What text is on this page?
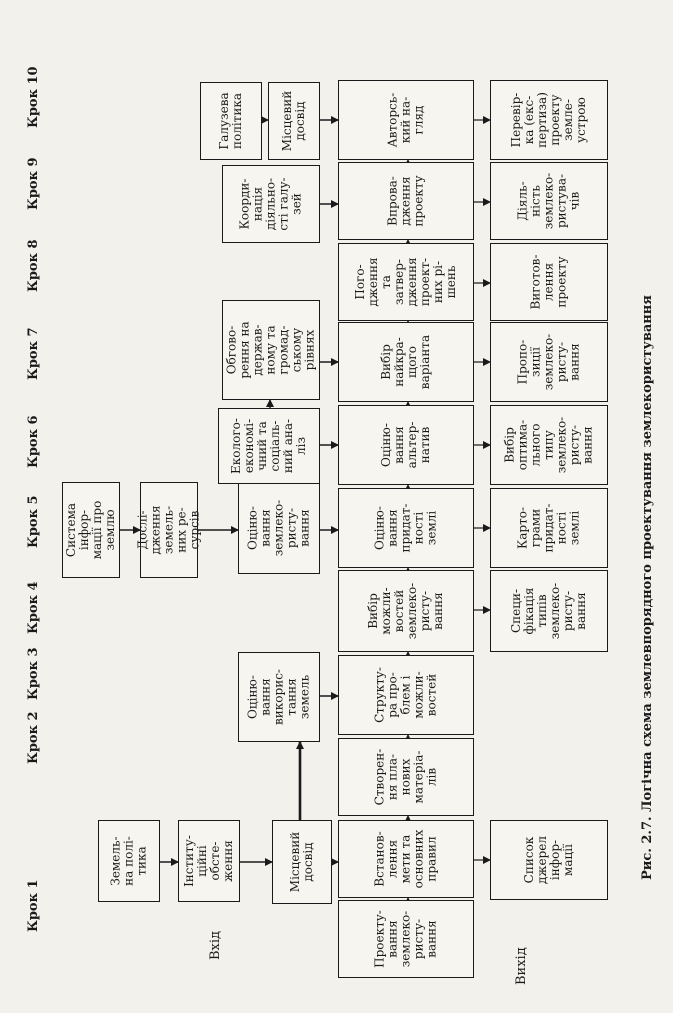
Земель-
на полі-
тика	Інститу-
ційні
обсте-
ження	Місцевий
досвід
Оціню-
вання
викорис-
тання
земель
Система
інфор-
мації про
землю Дослі-
дження
земель-
них ре-
сурсів	Оціню-
вання
землеко-
ристу-
вання
Еколого-
економі-
чний та
соціаль-
ний ана-
ліз
Обгово-
рення на
держав-
ному та
громад-
ському
рівнях
Коорди-
нація
діяльно-
сті галу-
зей
Галузева
політика	Місцевий
досвід
Проекту-
вання
землеко-
ристу-
вання
Встанов-
лення
мети та
основних
правил
Створен-
ня пла-
нових
матеріа-
лів
Структу-
ра про-
блем і
можли-
востей
Вибір
можли-
востей
землеко-
ристу-
вання
Оціню-
вання
придат-
ності
землі
Оціню-
вання
альтер-
натив
Вибір
найкра-
щого
варіанта
Пого-
дження
та
затвер-
дження
проект-
них рі-
шень
Впрова-
дження
проекту
Авторсь-
кий на-
гляд
Список
джерел
інфор-
мації
Специ-
фікація
типів
землеко-
ристу-
вання
Карто-
грами
придат-
ності
землі
Вибір
оптима-
льного
типу
землеко-
ристу-
вання
Пропо-
зиції
землеко-
ристу-
вання
Виготов-
лення
проекту
Діяль-
ність
землеко-
ристува-
чів
Перевір-
ка (екс-
пертиза)
проекту
земле-
устрою
Крок 1
Крок 2
Крок 3
Крок 4
Крок 5
Крок 6
Крок 7
Крок 8
Крок 9
Крок 10
Вхід
Вихід
Рис. 2.7. Логічна схема землевпорядного проектування землекористування
